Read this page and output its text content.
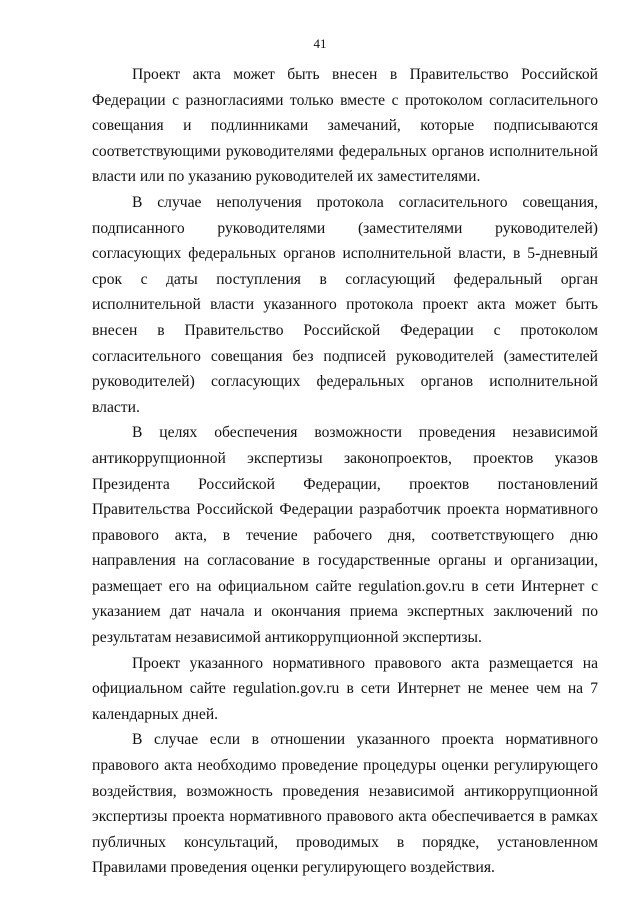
41

Проект акта может быть внесен в Правительство Российской Федерации с разногласиями только вместе с протоколом согласительного совещания и подлинниками замечаний, которые подписываются соответствующими руководителями федеральных органов исполнительной власти или по указанию руководителей их заместителями.

В случае неполучения протокола согласительного совещания, подписанного руководителями (заместителями руководителей) согласующих федеральных органов исполнительной власти, в 5-дневный срок с даты поступления в согласующий федеральный орган исполнительной власти указанного протокола проект акта может быть внесен в Правительство Российской Федерации с протоколом согласительного совещания без подписей руководителей (заместителей руководителей) согласующих федеральных органов исполнительной власти.

В целях обеспечения возможности проведения независимой антикоррупционной экспертизы законопроектов, проектов указов Президента Российской Федерации, проектов постановлений Правительства Российской Федерации разработчик проекта нормативного правового акта, в течение рабочего дня, соответствующего дню направления на согласование в государственные органы и организации, размещает его на официальном сайте regulation.gov.ru в сети Интернет с указанием дат начала и окончания приема экспертных заключений по результатам независимой антикоррупционной экспертизы.

Проект указанного нормативного правового акта размещается на официальном сайте regulation.gov.ru в сети Интернет не менее чем на 7 календарных дней.

В случае если в отношении указанного проекта нормативного правового акта необходимо проведение процедуры оценки регулирующего воздействия, возможность проведения независимой антикоррупционной экспертизы проекта нормативного правового акта обеспечивается в рамках публичных консультаций, проводимых в порядке, установленном Правилами проведения оценки регулирующего воздействия.
